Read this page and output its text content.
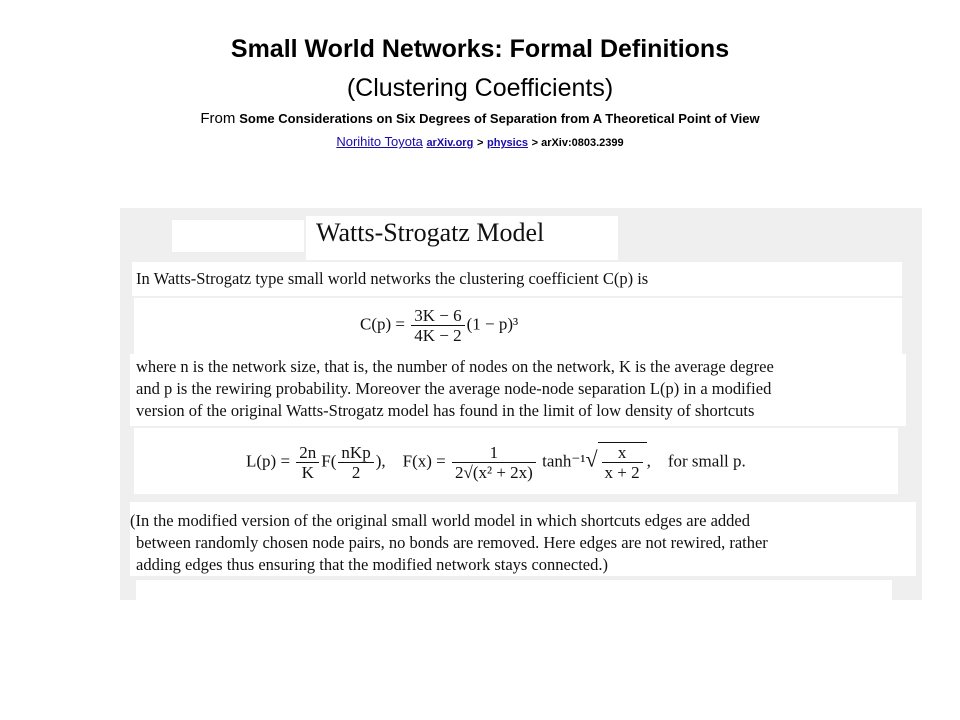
Small World Networks: Formal Definitions
(Clustering Coefficients)
From Some Considerations on Six Degrees of Separation from A Theoretical Point of View
Norihito Toyota arXiv.org > physics > arXiv:0803.2399
Watts-Strogatz Model
In Watts-Strogatz type small world networks the clustering coefficient C(p) is
$C(p) = \frac{3K - 6}{4K - 2} (1 - p)^3$
where n is the network size, that is, the number of nodes on the network, K is the average degree
and p is the rewiring probability. Moreover the average node-node separation L(p) in a modified
version of the original Watts-Strogatz model has found in the limit of low density of shortcuts
$L(p) = \frac{2n}{K} F( \frac{\text{nKp}}{2}$ ), $F(x) = \frac{1}{\text{2√(x² + 2x)}} \tanh^{-1}√ \frac{x}{x + 2}$ , for small p.
(In the modified version of the original small world model in which shortcuts edges are added
between randomly chosen node pairs, no bonds are removed. Here edges are not rewired, rather
adding edges thus ensuring that the modified network stays connected.)
